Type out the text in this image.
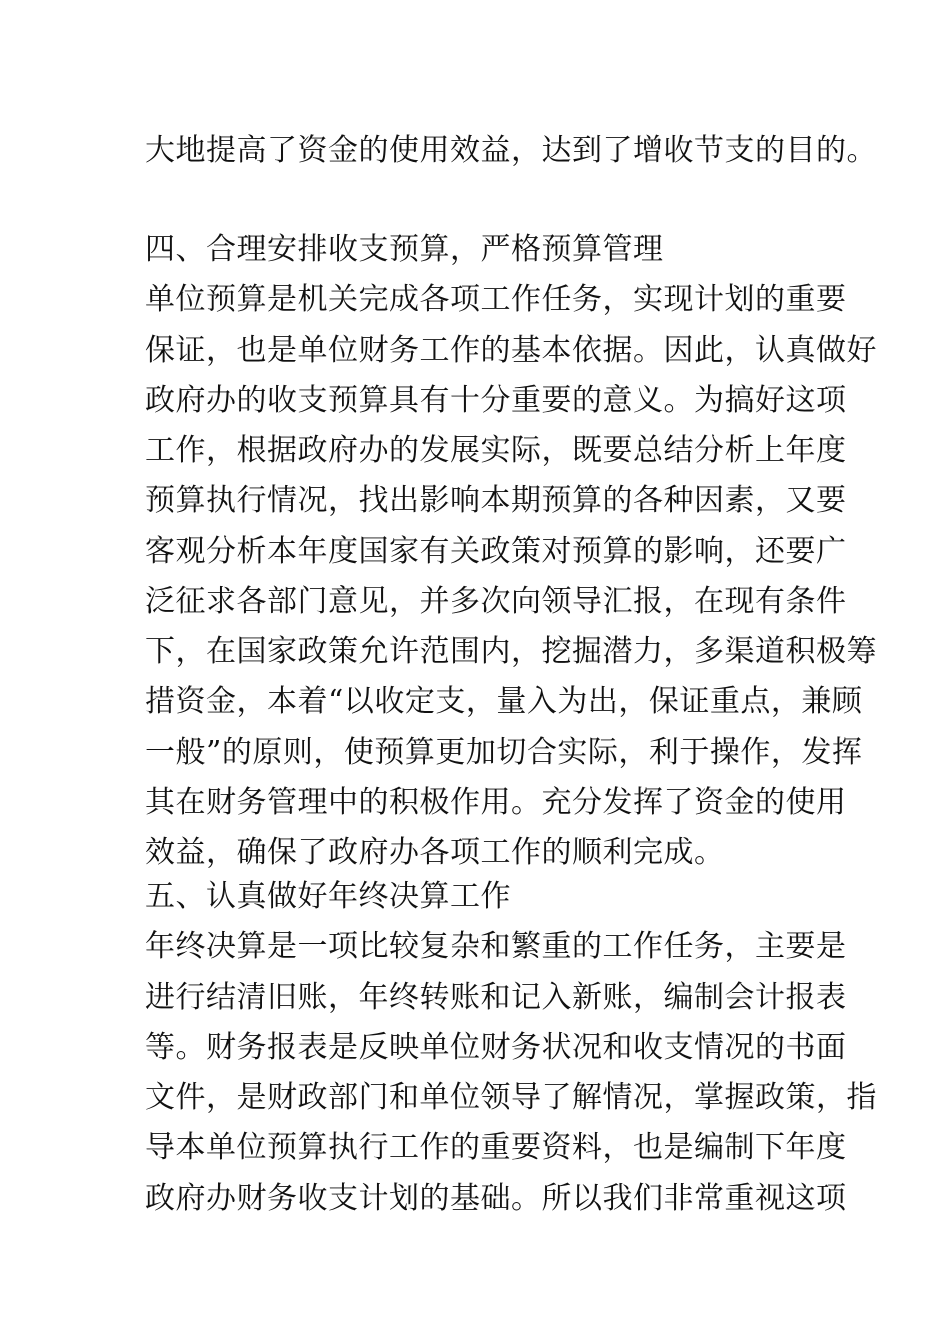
大地提高了资金的使用效益，达到了增收节支的目的。
四、合理安排收支预算，严格预算管理
单位预算是机关完成各项工作任务，实现计划的重要
保证，也是单位财务工作的基本依据。因此，认真做好
政府办的收支预算具有十分重要的意义。为搞好这项
工作，根据政府办的发展实际，既要总结分析上年度
预算执行情况，找出影响本期预算的各种因素，又要
客观分析本年度国家有关政策对预算的影响，还要广
泛征求各部门意见，并多次向领导汇报，在现有条件
下，在国家政策允许范围内，挖掘潜力，多渠道积极筹
措资金，本着“以收定支，量入为出，保证重点，兼顾
一般”的原则，使预算更加切合实际，利于操作，发挥
其在财务管理中的积极作用。充分发挥了资金的使用
效益，确保了政府办各项工作的顺利完成。
五、认真做好年终决算工作
年终决算是一项比较复杂和繁重的工作任务，主要是
进行结清旧账，年终转账和记入新账，编制会计报表
等。财务报表是反映单位财务状况和收支情况的书面
文件，是财政部门和单位领导了解情况，掌握政策，指
导本单位预算执行工作的重要资料，也是编制下年度
政府办财务收支计划的基础。所以我们非常重视这项
